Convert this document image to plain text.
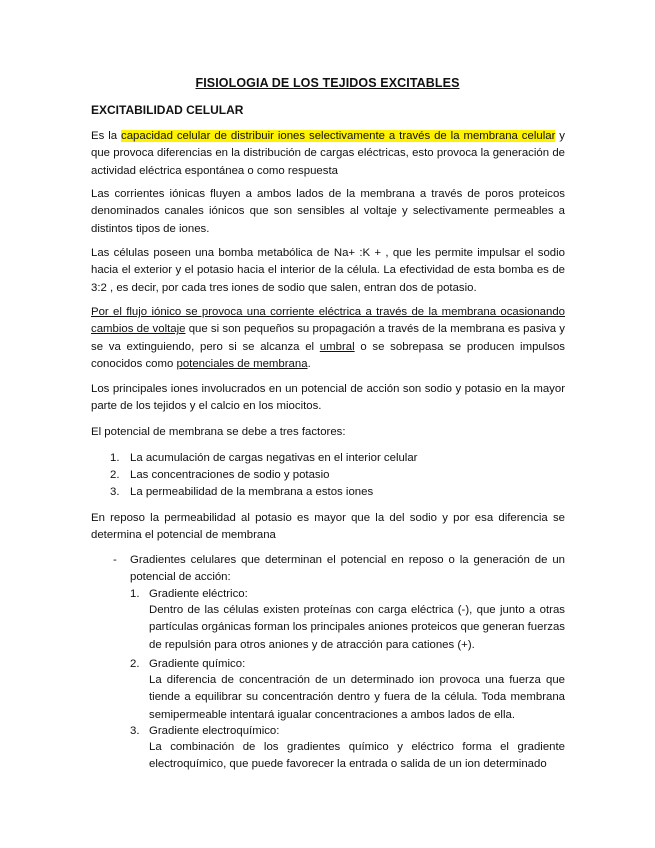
FISIOLOGIA DE LOS TEJIDOS EXCITABLES
EXCITABILIDAD CELULAR
Es la capacidad celular de distribuir iones selectivamente a través de la membrana celular y que provoca diferencias en la distribución de cargas eléctricas, esto provoca la generación de actividad eléctrica espontánea o como respuesta
Las corrientes iónicas fluyen a ambos lados de la membrana a través de poros proteicos denominados canales iónicos que son sensibles al voltaje y selectivamente permeables a distintos tipos de iones.
Las células poseen una bomba metabólica de Na+ :K + , que les permite impulsar el sodio hacia el exterior y el potasio hacia el interior de la célula. La efectividad de esta bomba es de 3:2 , es decir, por cada tres iones de sodio que salen, entran dos de potasio.
Por el flujo iónico se provoca una corriente eléctrica a través de la membrana ocasionando cambios de voltaje que si son pequeños su propagación a través de la membrana es pasiva y se va extinguiendo, pero si se alcanza el umbral o se sobrepasa se producen impulsos conocidos como potenciales de membrana.
Los principales iones involucrados en un potencial de acción son sodio y potasio en la mayor parte de los tejidos y el calcio en los miocitos.
El potencial de membrana se debe a tres factores:
1. La acumulación de cargas negativas en el interior celular
2. Las concentraciones de sodio y potasio
3. La permeabilidad de la membrana a estos iones
En reposo la permeabilidad al potasio es mayor que la del sodio y por esa diferencia se determina el potencial de membrana
- Gradientes celulares que determinan el potencial en reposo o la generación de un potencial de acción:
1. Gradiente eléctrico:
Dentro de las células existen proteínas con carga eléctrica (-), que junto a otras partículas orgánicas forman los principales aniones proteicos que generan fuerzas de repulsión para otros aniones y de atracción para cationes (+).
2. Gradiente químico:
La diferencia de concentración de un determinado ion provoca una fuerza que tiende a equilibrar su concentración dentro y fuera de la célula. Toda membrana semipermeable intentará igualar concentraciones a ambos lados de ella.
3. Gradiente electroquímico:
La combinación de los gradientes químico y eléctrico forma el gradiente electroquímico, que puede favorecer la entrada o salida de un ion determinado
